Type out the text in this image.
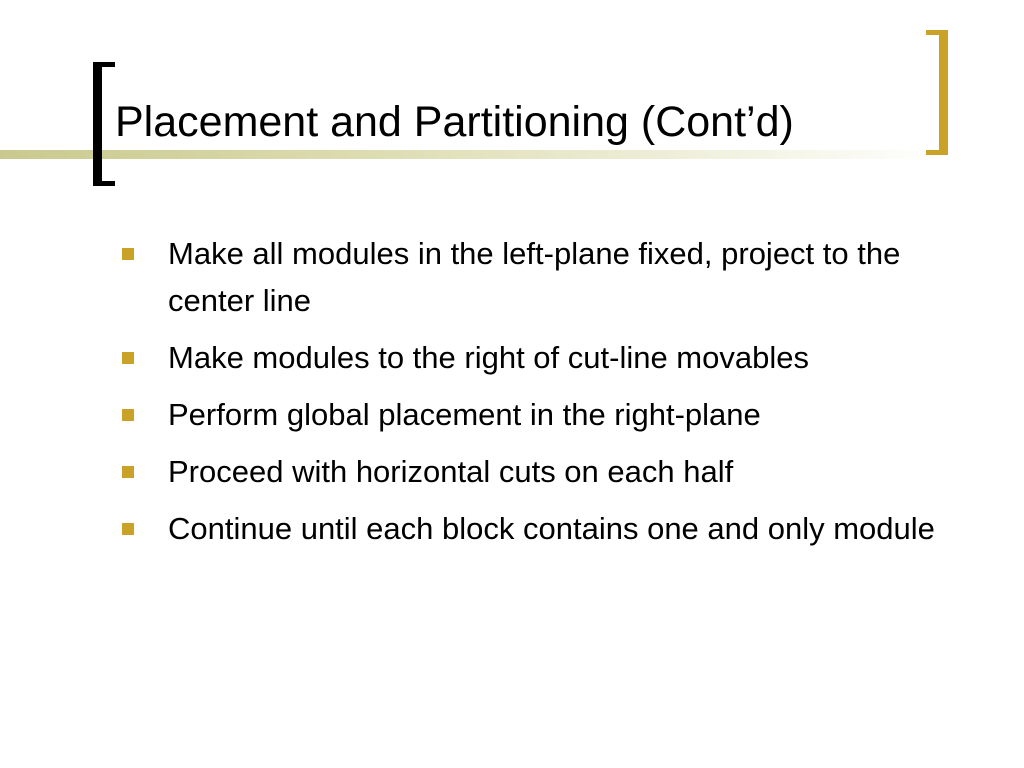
Placement and Partitioning (Cont’d)
Make all modules in the left-plane fixed, project to the center line
Make modules to the right of cut-line movables
Perform global placement in the right-plane
Proceed with horizontal cuts on each half
Continue until each block contains one and only module
